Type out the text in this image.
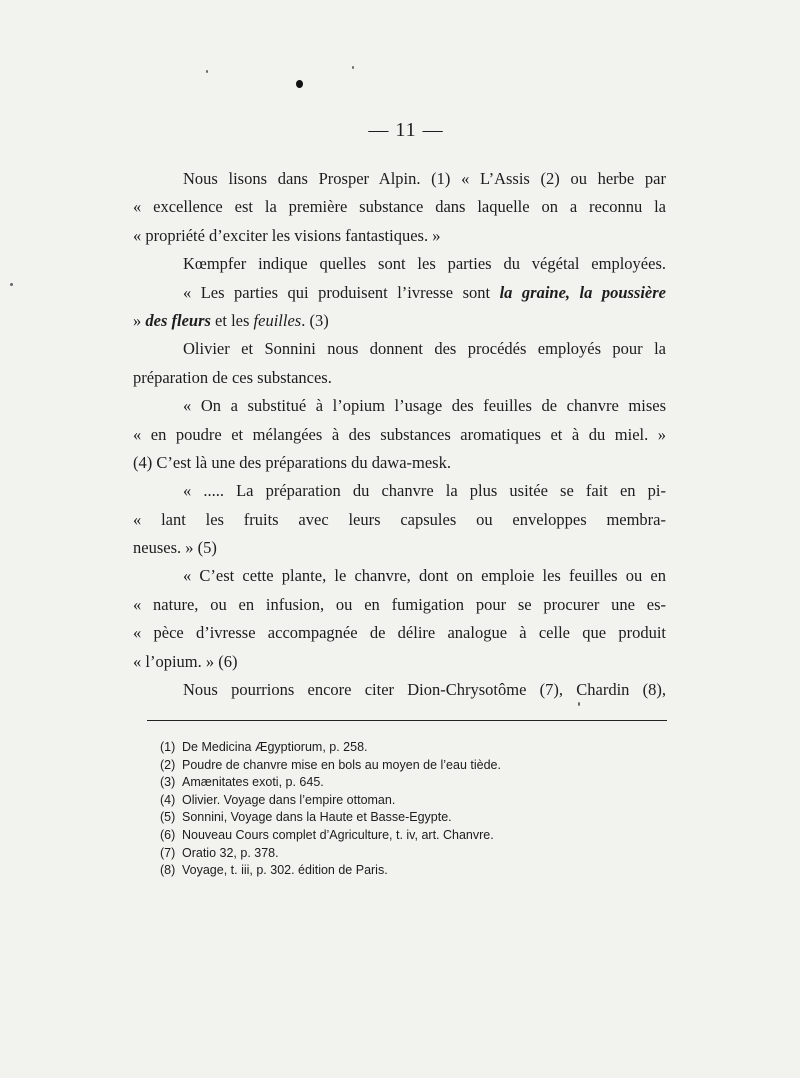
— 11 —
Nous lisons dans Prosper Alpin. (1) « L’Assis (2) ou herbe par
« excellence est la première substance dans laquelle on a reconnu la
« propriété d’exciter les visions fantastiques. »
Kœmpfer indique quelles sont les parties du végétal employées.
« Les parties qui produisent l’ivresse sont la graine, la poussière
» des fleurs et les feuilles. (3)
Olivier et Sonnini nous donnent des procédés employés pour la
préparation de ces substances.
« On a substitué à l’opium l’usage des feuilles de chanvre mises
« en poudre et mélangées à des substances aromatiques et à du miel. »
(4) C’est là une des préparations du dawa-mesk.
« ..... La préparation du chanvre la plus usitée se fait en pi-
« lant les fruits avec leurs capsules ou enveloppes membra-
neuses. » (5)
« C’est cette plante, le chanvre, dont on emploie les feuilles ou en
« nature, ou en infusion, ou en fumigation pour se procurer une es-
« pèce d’ivresse accompagnée de délire analogue à celle que produit
« l’opium. » (6)
Nous pourrions encore citer Dion-Chrysotôme (7), Chardin (8),
(1) De Medicina Ægyptiorum, p. 258.
(2) Poudre de chanvre mise en bols au moyen de l’eau tiède.
(3) Amænitates exoti, p. 645.
(4) Olivier. Voyage dans l’empire ottoman.
(5) Sonnini, Voyage dans la Haute et Basse-Egypte.
(6) Nouveau Cours complet d’Agriculture, t. iv, art. Chanvre.
(7) Oratio 32, p. 378.
(8) Voyage, t. iii, p. 302. édition de Paris.
